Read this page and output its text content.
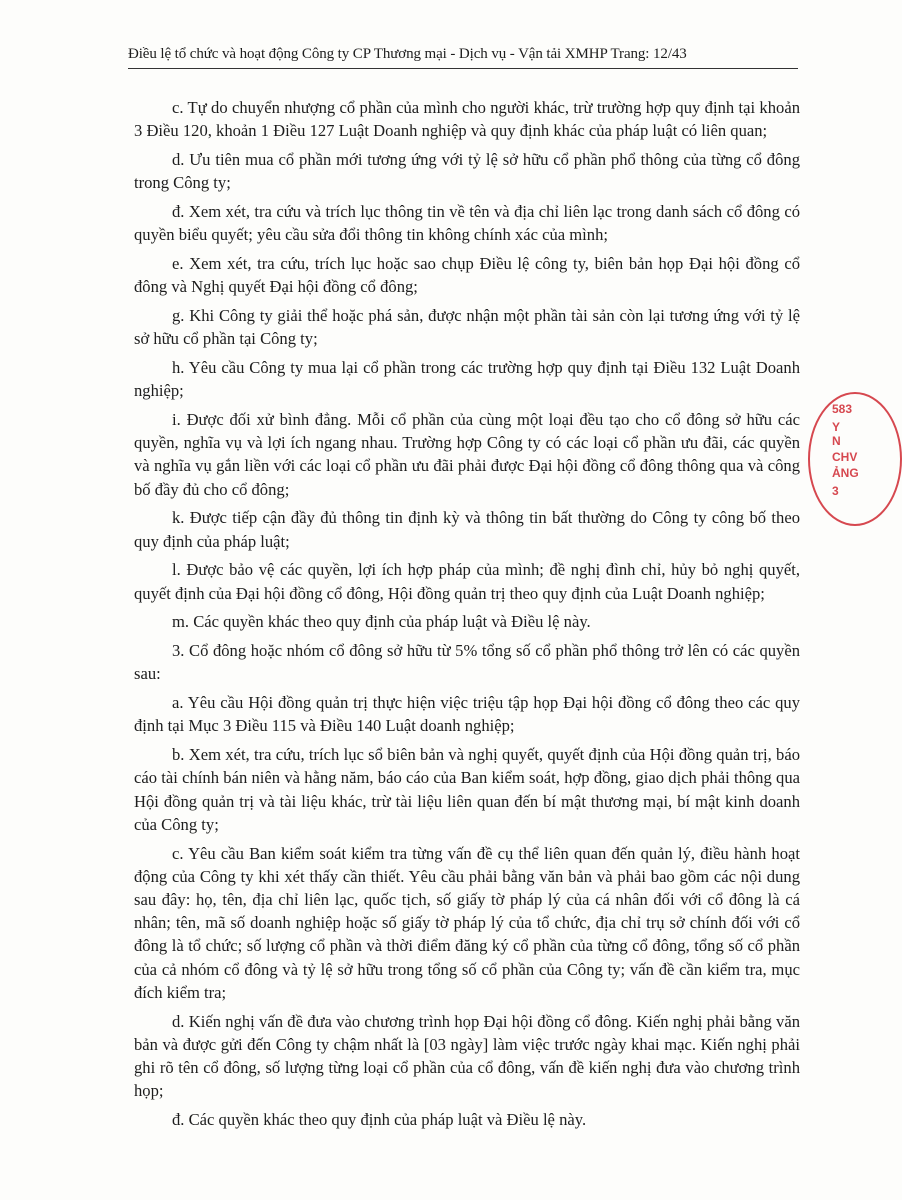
Điều lệ tổ chức và hoạt động Công ty CP Thương mại - Dịch vụ - Vận tải XMHP Trang: 12/43

c. Tự do chuyển nhượng cổ phần của mình cho người khác, trừ trường hợp quy định tại khoản 3 Điều 120, khoản 1 Điều 127 Luật Doanh nghiệp và quy định khác của pháp luật có liên quan;

d. Ưu tiên mua cổ phần mới tương ứng với tỷ lệ sở hữu cổ phần phổ thông của từng cổ đông trong Công ty;

đ. Xem xét, tra cứu và trích lục thông tin về tên và địa chỉ liên lạc trong danh sách cổ đông có quyền biểu quyết; yêu cầu sửa đổi thông tin không chính xác của mình;

e. Xem xét, tra cứu, trích lục hoặc sao chụp Điều lệ công ty, biên bản họp Đại hội đồng cổ đông và Nghị quyết Đại hội đồng cổ đông;

g. Khi Công ty giải thể hoặc phá sản, được nhận một phần tài sản còn lại tương ứng với tỷ lệ sở hữu cổ phần tại Công ty;

h. Yêu cầu Công ty mua lại cổ phần trong các trường hợp quy định tại Điều 132 Luật Doanh nghiệp;

i. Được đối xử bình đẳng. Mỗi cổ phần của cùng một loại đều tạo cho cổ đông sở hữu các quyền, nghĩa vụ và lợi ích ngang nhau. Trường hợp Công ty có các loại cổ phần ưu đãi, các quyền và nghĩa vụ gắn liền với các loại cổ phần ưu đãi phải được Đại hội đồng cổ đông thông qua và công bố đầy đủ cho cổ đông;

k. Được tiếp cận đầy đủ thông tin định kỳ và thông tin bất thường do Công ty công bố theo quy định của pháp luật;

l. Được bảo vệ các quyền, lợi ích hợp pháp của mình; đề nghị đình chỉ, hủy bỏ nghị quyết, quyết định của Đại hội đồng cổ đông, Hội đồng quản trị theo quy định của Luật Doanh nghiệp;

m. Các quyền khác theo quy định của pháp luật và Điều lệ này.

3. Cổ đông hoặc nhóm cổ đông sở hữu từ 5% tổng số cổ phần phổ thông trở lên có các quyền sau:

a. Yêu cầu Hội đồng quản trị thực hiện việc triệu tập họp Đại hội đồng cổ đông theo các quy định tại Mục 3 Điều 115 và Điều 140 Luật doanh nghiệp;

b. Xem xét, tra cứu, trích lục sổ biên bản và nghị quyết, quyết định của Hội đồng quản trị, báo cáo tài chính bán niên và hằng năm, báo cáo của Ban kiểm soát, hợp đồng, giao dịch phải thông qua Hội đồng quản trị và tài liệu khác, trừ tài liệu liên quan đến bí mật thương mại, bí mật kinh doanh của Công ty;

c. Yêu cầu Ban kiểm soát kiểm tra từng vấn đề cụ thể liên quan đến quản lý, điều hành hoạt động của Công ty khi xét thấy cần thiết. Yêu cầu phải bằng văn bản và phải bao gồm các nội dung sau đây: họ, tên, địa chỉ liên lạc, quốc tịch, số giấy tờ pháp lý của cá nhân đối với cổ đông là cá nhân; tên, mã số doanh nghiệp hoặc số giấy tờ pháp lý của tổ chức, địa chỉ trụ sở chính đối với cổ đông là tổ chức; số lượng cổ phần và thời điểm đăng ký cổ phần của từng cổ đông, tổng số cổ phần của cả nhóm cổ đông và tỷ lệ sở hữu trong tổng số cổ phần của Công ty; vấn đề cần kiểm tra, mục đích kiểm tra;

d. Kiến nghị vấn đề đưa vào chương trình họp Đại hội đồng cổ đông. Kiến nghị phải bằng văn bản và được gửi đến Công ty chậm nhất là [03 ngày] làm việc trước ngày khai mạc. Kiến nghị phải ghi rõ tên cổ đông, số lượng từng loại cổ phần của cổ đông, vấn đề kiến nghị đưa vào chương trình họp;

đ. Các quyền khác theo quy định của pháp luật và Điều lệ này.

583
Y
N
CHV
ẢNG
3
